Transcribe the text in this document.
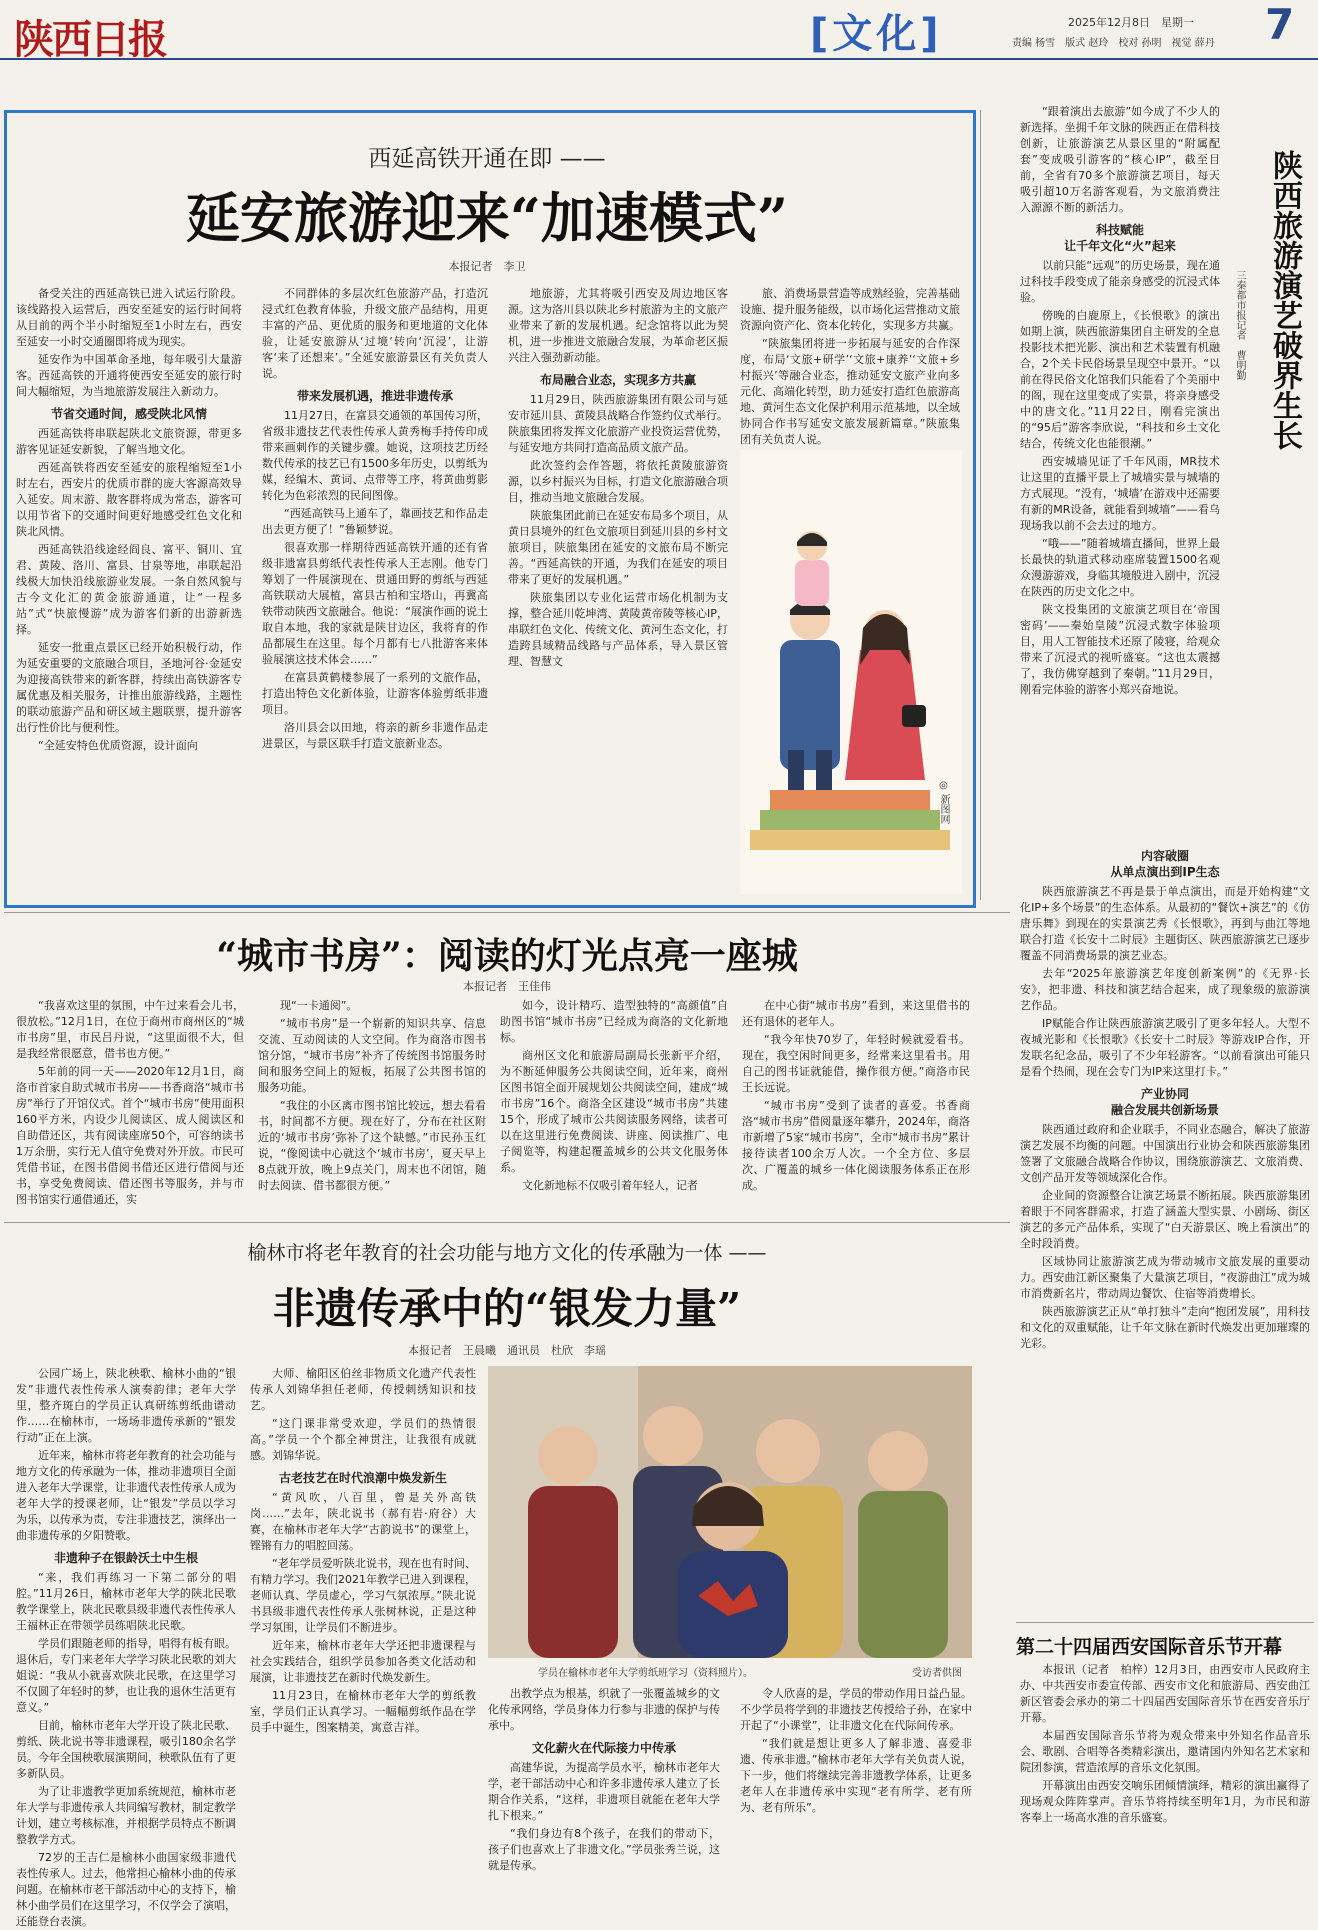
陕西日报	[文化]	2025年12月8日　星期一
责编 杨雪　版式 赵玲　校对 孙明　视觉 薛丹 7
西延高铁开通在即 ——
延安旅游迎来“加速模式”
本报记者　李卫

备受关注的西延高铁已进入试运行阶段。该线路投入运营后，西安至延安的运行时间将从目前的两个半小时缩短至1小时左右，西安至延安一小时交通圈即将成为现实。

延安作为中国革命圣地，每年吸引大量游客。西延高铁的开通将使西安至延安的旅行时间大幅缩短，为当地旅游发展注入新动力。

节省交通时间，感受陕北风情

西延高铁将串联起陕北文旅资源，带更多游客见证延安新貌，了解当地文化。

西延高铁将西安至延安的旅程缩短至1小时左右，西安片的优质市群的庞大客源高效导入延安。周末游、散客群将成为常态，游客可以用节省下的交通时间更好地感受红色文化和陕北风情。

西延高铁沿线途经阎良、富平、铜川、宜君、黄陵、洛川、富县、甘泉等地，串联起沿线极大加快沿线旅游业发展。一条自然风貌与古今文化汇的黄金旅游通道，让“一程多站”式“快旅慢游”成为游客们新的出游新选择。

延安一批重点景区已经开始积极行动，作为延安重要的文旅融合项目，圣地河谷·金延安为迎接高铁带来的新客群，持续出高铁游客专属优惠及相关服务，计推出旅游线路，主题性的联动旅游产品和研区域主题联票，提升游客出行性价比与便利性。

“全延安特色优质资源，设计面向

不同群体的多层次红色旅游产品，打造沉浸式红色教育体验，升级文旅产品结构，用更丰富的产品、更优质的服务和更地道的文化体验，让延安旅游从‘过境’转向‘沉浸’，让游客‘来了还想来’。”全延安旅游景区有关负责人说。

带来发展机遇，推进非遗传承

11月27日，在富县交通领的革国传习所，省级非遗技艺代表性传承人黄秀梅手持传印成带来画刺作的关键步骤。她说，这项技艺历经数代传承的技艺已有1500多年历史，以剪纸为媒，经编木、黄词、点带等工序，将黄曲剪影转化为色彩浓烈的民间图像。

“西延高铁马上通车了，靠画技艺和作品走出去更方便了！”鲁颖梦说。

很喜欢那一样期待西延高铁开通的还有省级非遗富县剪纸代表性传承人王志刚。他专门筹划了一件展演现在、贯通田野的剪纸与西延高铁联动大展植，富县古柏和宝塔山，再冀高铁带动陕西文旅融合。他说：“展演作画的说土取自本地，我的家就是陕甘边区，我将育的作品都展生在这里。每个月都有七八批游客来体验展演这技术体会……”

在富县黄鹤楼参展了一系列的文旅作品，打造出特色文化新体验，让游客体验剪纸非遗项目。

洛川县会以田地，将亲的新乡非遗作品走进景区，与景区联手打造文旅新业态。

地旅游，尤其将吸引西安及周边地区客源。这为洛川县以陕北乡村旅游为主的文旅产业带来了新的发展机遇。纪念馆将以此为契机，进一步推进文旅融合发展，为革命老区振兴注入强劲新动能。

布局融合业态，实现多方共赢

11月29日，陕西旅游集团有限公司与延安市延川县、黄陵县战略合作签约仪式举行。陕旅集团将发挥文化旅游产业投资运营优势，与延安地方共同打造高品质文旅产品。

此次签约会作答题，将依托黄陵旅游资源，以乡村振兴为目标，打造文化旅游融合项目，推动当地文旅融合发展。

陕旅集团此前已在延安布局多个项目，从黄日县境外的红色文旅项目到延川县的乡村文旅项目，陕旅集团在延安的文旅布局不断完善。“西延高铁的开通，为我们在延安的项目带来了更好的发展机遇。”

陕旅集团以专业化运营市场化机制为支撑，整合延川乾坤湾、黄陵黄帝陵等核心IP，串联红色文化、传统文化、黄河生态文化，打造跨县域精品线路与产品体系，导入景区管理、智慧文

旅、消费场景营造等成熟经验，完善基础设施、提升服务能级，以市场化运营推动文旅资源向资产化、资本化转化，实现多方共赢。

“陕旅集团将进一步拓展与延安的合作深度，布局‘文旅+研学’‘文旅+康养’‘文旅+乡村振兴’等融合业态，推动延安文旅产业向多元化、高端化转型，助力延安打造红色旅游高地、黄河生态文化保护利用示范基地，以全域协同合作书写延安文旅发展新篇章。”陕旅集团有关负责人说。

◎ 新图网
陕西旅游演艺破界生长
三秦都市报记者　曹明勤

“跟着演出去旅游”如今成了不少人的新选择。坐拥千年文脉的陕西正在借科技创新，让旅游演艺从景区里的“附属配套”变成吸引游客的“核心IP”，截至目前，全省有70多个旅游演艺项目，每天吸引超10万名游客观看，为文旅消费注入源源不断的新活力。

科技赋能
让千年文化“火”起来

以前只能“远观”的历史场景，现在通过科技手段变成了能亲身感受的沉浸式体验。

傍晚的白鹿原上，《长恨歌》的演出如期上演，陕西旅游集团自主研发的全息投影技术把光影、演出和艺术装置有机融合，2个关卡民俗场景呈现空中景开。“以前在得民俗文化馆我们只能看了个美丽中的阁，现在这里变成了实景，将亲身感受中的唐文化。”11月22日，刚看完演出的“95后”游客李欣说，“科技和乡土文化结合，传统文化也能很潮。”

西安城墙见证了千年风雨，MR技术让这里的直播平景上了城墙实景与城墙的方式展现。“没有，‘城墙’在游戏中还需要有新的MR设备，就能看到城墙”——看乌现场我以前不会去过的地方。

“哦——”随着城墙直播间，世界上最长最快的轨道式移动座席装置1500名观众漫游游戏，身临其境般进入剧中，沉浸在陕西的历史文化之中。

陕文投集团的文旅演艺项目在‘帝国密码’——秦始皇陵”沉浸式数字体验项目，用人工智能技术还原了陵寝，给观众带来了沉浸式的视听盛宴。“这也太震撼了，我仿佛穿越到了秦朝。”11月29日，刚看完体验的游客小郑兴奋地说。

内容破圈
从单点演出到IP生态

陕西旅游演艺不再是景于单点演出，而是开始构建“文化IP+多个场景”的生态体系。从最初的“餐饮+演艺”的《仿唐乐舞》到现在的实景演艺秀《长恨歌》，再到与曲江等地联合打造《长安十二时辰》主题街区、陕西旅游演艺已逐步覆盖不同消费场景的演艺业态。

去年“2025年旅游演艺年度创新案例”的《无界·长安》，把非遗、科技和演艺结合起来，成了现象级的旅游演艺作品。

IP赋能合作让陕西旅游演艺吸引了更多年轻人。大型不夜城光影和《长恨歌》《长安十二时辰》等游戏IP合作，开发联名纪念品，吸引了不少年轻游客。“以前看演出可能只是看个热闹，现在会专门为IP来这里打卡。”

产业协同
融合发展共创新场景

陕西通过政府和企业联手，不同业态融合，解决了旅游演艺发展不均衡的问题。中国演出行业协会和陕西旅游集团签署了文旅融合战略合作协议，围绕旅游演艺、文旅消费、文创产品开发等领域深化合作。

企业间的资源整合让演艺场景不断拓展。陕西旅游集团着眼于不同客群需求，打造了涵盖大型实景、小剧场、街区演艺的多元产品体系，实现了“白天游景区、晚上看演出”的全时段消费。

区域协同让旅游演艺成为带动城市文旅发展的重要动力。西安曲江新区聚集了大量演艺项目，“夜游曲江”成为城市消费新名片，带动周边餐饮、住宿等消费增长。

陕西旅游演艺正从“单打独斗”走向“抱团发展”，用科技和文化的双重赋能，让千年文脉在新时代焕发出更加璀璨的光彩。

“城市书房”：阅读的灯光点亮一座城
本报记者　王佳伟

“我喜欢这里的氛围，中午过来看会儿书，很放松。”12月1日，在位于商州市商州区的“城市书房”里，市民吕丹说，“这里面很不大，但是我经常很愿意，借书也方便。”

5年前的同一天——2020年12月1日，商洛市首家自助式城市书房——书香商洛“城市书房”举行了开馆仪式。首个“城市书房”使用面积160平方米，内设少儿阅读区、成人阅读区和自助借还区，共有阅读座席50个，可容纳读书1万余册，实行无人值守免费对外开放。市民可凭借书证，在图书借阅书借还区进行借阅与还书，享受免费阅读、借还图书等服务，并与市图书馆实行通借通还，实

现“一卡通阅”。

“城市书房”是一个崭新的知识共享、信息交流、互动阅读的人文空间。作为商洛市图书馆分馆，“城市书房”补齐了传统图书馆服务时间和服务空间上的短板，拓展了公共图书馆的服务功能。

“我住的小区离市图书馆比较远，想去看看书，时间都不方便。现在好了，分布在社区附近的‘城市书房’弥补了这个缺憾。”市民孙玉红说，“像阅读中心就这个‘城市书房’，夏天早上8点就开放，晚上9点关门，周末也不闭馆，随时去阅读、借书都很方便。”

如今，设计精巧、造型独特的“高颜值”自助图书馆“城市书房”已经成为商洛的文化新地标。

商州区文化和旅游局副局长张新平介绍，为不断延伸服务公共阅读空间，近年来，商州区图书馆全面开展规划公共阅读空间，建成“城市书房”16个。商洛全区建设“城市书房”共建15个，形成了城市公共阅读服务网络，读者可以在这里进行免费阅读、讲座、阅读推广、电子阅览等，构建起覆盖城乡的公共文化服务体系。

文化新地标不仅吸引着年轻人，记者

在中心街“城市书房”看到，来这里借书的还有退休的老年人。

“我今年快70岁了，年轻时候就爱看书。现在，我空闲时间更多，经常来这里看书。用自己的图书证就能借，操作很方便。”商洛市民王长远说。

“城市书房”受到了读者的喜爱。书香商洛“城市书房”借阅量逐年攀升，2024年，商洛市新增了5家“城市书房”，全市“城市书房”累计接待读者100余万人次。一个全方位、多层次、广覆盖的城乡一体化阅读服务体系正在形成。

榆林市将老年教育的社会功能与地方文化的传承融为一体 ——
非遗传承中的“银发力量”
本报记者　王晨曦　通讯员　杜欣　李瑶

公园广场上，陕北秧歌、榆林小曲的“银发”非遗代表性传承人演奏韵律；老年大学里，整齐斑白的学员正认真研练剪纸曲谱动作……在榆林市，一场场非遗传承新的“银发行动”正在上演。

近年来，榆林市将老年教育的社会功能与地方文化的传承融为一体，推动非遗项目全面进入老年大学课堂，让非遗代表性传承人成为老年大学的授课老师，让“银发”学员以学习为乐，以传承为责，专注非遗技艺，演绎出一曲非遗传承的夕阳赞歌。

非遗种子在银龄沃土中生根

“来，我们再练习一下第二部分的唱腔。”11月26日，榆林市老年大学的陕北民歌教学课堂上，陕北民歌县级非遗代表性传承人王福林正在带领学员练唱陕北民歌。

学员们跟随老师的指导，唱得有板有眼。退休后，专门来老年大学学习陕北民歌的刘大姐说：“我从小就喜欢陕北民歌，在这里学习不仅圆了年轻时的梦，也让我的退休生活更有意义。”

目前，榆林市老年大学开设了陕北民歌、剪纸、陕北说书等非遗课程，吸引180余名学员。今年全国秧歌展演期间，秧歌队伍有了更多新队员。

为了让非遗教学更加系统规范，榆林市老年大学与非遗传承人共同编写教材，制定教学计划，建立考核标准，并根据学员特点不断调整教学方式。

72岁的王吉仁是榆林小曲国家级非遗代表性传承人。过去，他常担心榆林小曲的传承问题。在榆林市老干部活动中心的支持下，榆林小曲学员们在这里学习，不仅学会了演唱，还能登台表演。

大师、榆阳区伯丝非物质文化遗产代表性传承人刘锦华担任老师，传授刺绣知识和技艺。

“这门课非常受欢迎，学员们的热情很高。”学员一个个都全神贯注，让我很有成就感。刘锦华说。

古老技艺在时代浪潮中焕发新生

“黄风吹，八百里，曾是关外高铁岗……”去年，陕北说书（郝有岩·府谷）大赛，在榆林市老年大学“古韵说书”的课堂上，铿锵有力的唱腔回荡。

“老年学员爱听陕北说书，现在也有时间、有精力学习。我们2021年教学已进入到课程，老师认真、学员虚心，学习气氛浓厚。”陕北说书县级非遗代表性传承人张树林说，正是这种学习氛围，让学员们不断进步。

近年来，榆林市老年大学还把非遗课程与社会实践结合，组织学员参加各类文化活动和展演，让非遗技艺在新时代焕发新生。

11月23日，在榆林市老年大学的剪纸教室，学员们正认真学习。一幅幅剪纸作品在学员手中诞生，图案精美，寓意吉祥。

学员在榆林市老年大学剪纸班学习（资料照片）。	受访者供图

出教学点为根基，织就了一张覆盖城乡的文化传承网络，学员身体力行参与非遗的保护与传承中。

文化薪火在代际接力中传承

高建华说，为提高学员水平，榆林市老年大学，老干部活动中心和许多非遗传承人建立了长期合作关系，“这样，非遗项目就能在老年大学扎下根来。”

“我们身边有8个孩子，在我们的带动下，孩子们也喜欢上了非遗文化。”学员张秀兰说，这就是传承。

令人欣喜的是，学员的带动作用日益凸显。不少学员将学到的非遗技艺传授给子孙，在家中开起了“小课堂”，让非遗文化在代际间传承。

“我们就是想让更多人了解非遗、喜爱非遗、传承非遗。”榆林市老年大学有关负责人说，下一步，他们将继续完善非遗教学体系，让更多老年人在非遗传承中实现“老有所学、老有所为、老有所乐”。

第二十四届西安国际音乐节开幕

本报讯（记者　柏梓）12月3日，由西安市人民政府主办、中共西安市委宣传部、西安市文化和旅游局、西安曲江新区管委会承办的第二十四届西安国际音乐节在西安音乐厅开幕。

本届西安国际音乐节将为观众带来中外知名作品音乐会、歌剧、合唱等各类精彩演出，邀请国内外知名艺术家和院团参演，营造浓厚的音乐文化氛围。

开幕演出由西安交响乐团倾情演绎，精彩的演出赢得了现场观众阵阵掌声。音乐节将持续至明年1月，为市民和游客奉上一场高水准的音乐盛宴。
